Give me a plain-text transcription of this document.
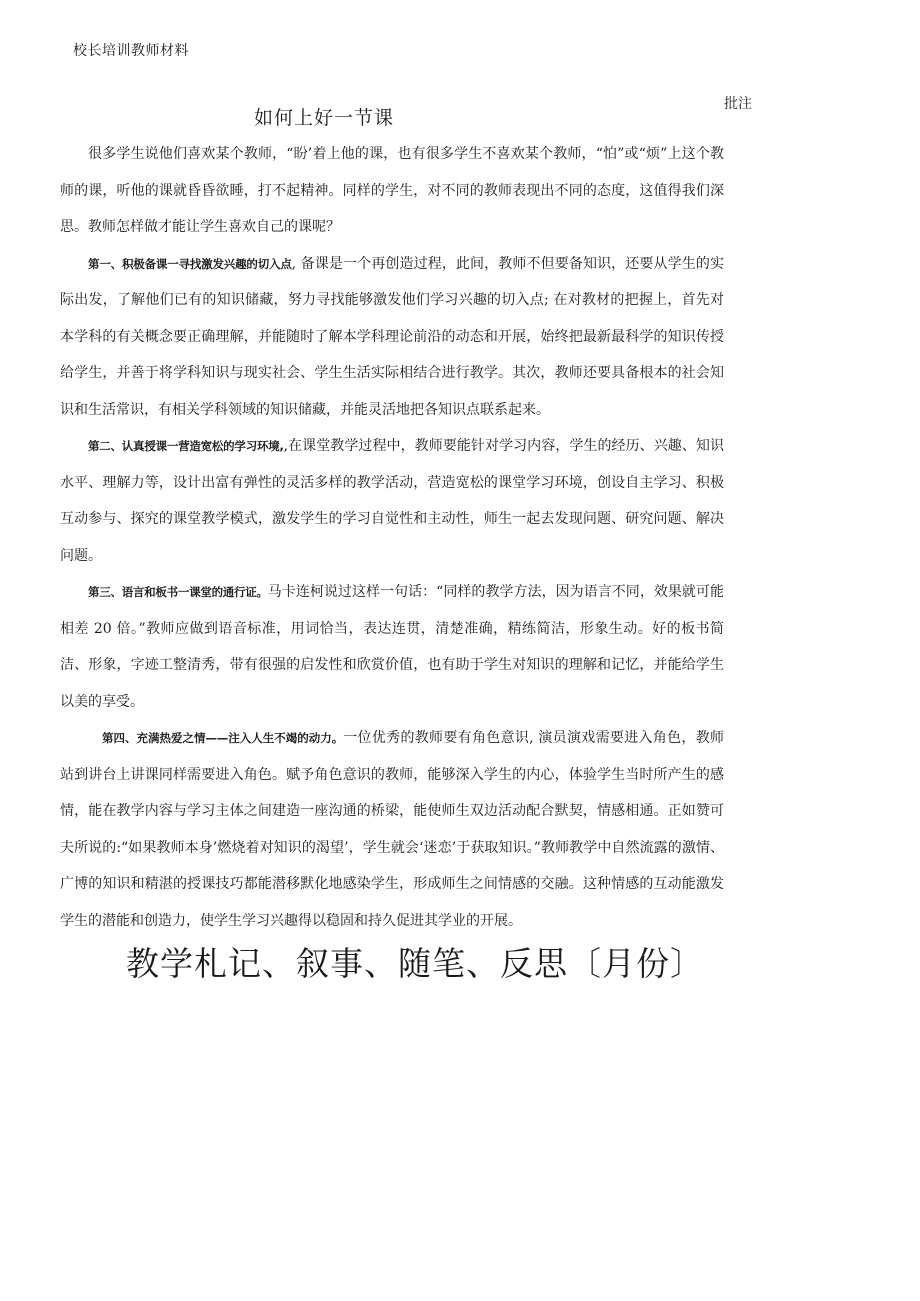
校长培训教师材料
批注
如何上好一节课

很多学生说他们喜欢某个教师，“盼’着上他的课，也有很多学生不喜欢某个教师，“怕”或“烦”上这个教师的课，听他的课就昏昏欲睡，打不起精神。同样的学生，对不同的教师表现出不同的态度，这值得我们深思。教师怎样做才能让学生喜欢自己的课呢？

第一、积极备课一寻找激发兴趣的切入点, 备课是一个再创造过程，此间，教师不但要备知识，还要从学生的实际出发，了解他们已有的知识储藏，努力寻找能够激发他们学习兴趣的切入点; 在对教材的把握上，首先对本学科的有关概念要正确理解，并能随时了解本学科理论前沿的动态和开展，始终把最新最科学的知识传授给学生，并善于将学科知识与现实社会、学生生活实际相结合进行教学。其次，教师还要具备根本的社会知识和生活常识，有相关学科领域的知识储藏，并能灵活地把各知识点联系起来。

第二、认真授课一营造宽松的学习环境,,在课堂教学过程中，教师要能针对学习内容，学生的经历、兴趣、知识水平、理解力等，设计出富有弹性的灵活多样的教学活动，营造宽松的课堂学习环境，创设自主学习、积极互动参与、探究的课堂教学模式，激发学生的学习自觉性和主动性，师生一起去发现问题、研究问题、解决问题。

第三、语言和板书一课堂的通行证。马卡连柯说过这样一句话：“同样的教学方法，因为语言不同，效果就可能相差 20 倍。”教师应做到语音标准，用词恰当，表达连贯，清楚准确，精练简洁，形象生动。好的板书简洁、形象，字迹工整清秀，带有很强的启发性和欣赏价值，也有助于学生对知识的理解和记忆，并能给学生以美的享受。

第四、充满热爱之情——注入人生不竭的动力。一位优秀的教师要有角色意识, 演员演戏需要进入角色，教师站到讲台上讲课同样需要进入角色。赋予角色意识的教师，能够深入学生的内心，体验学生当时所产生的感情，能在教学内容与学习主体之间建造一座沟通的桥梁，能使师生双边活动配合默契，情感相通。正如赞可夫所说的:“如果教师本身’燃烧着对知识的渴望’，学生就会‘迷恋’于获取知识。”教师教学中自然流露的激情、广博的知识和精湛的授课技巧都能潜移默化地感染学生，形成师生之间情感的交融。这种情感的互动能激发学生的潜能和创造力，使学生学习兴趣得以稳固和持久促进其学业的开展。

教学札记、叙事、随笔、反思〔月份〕
